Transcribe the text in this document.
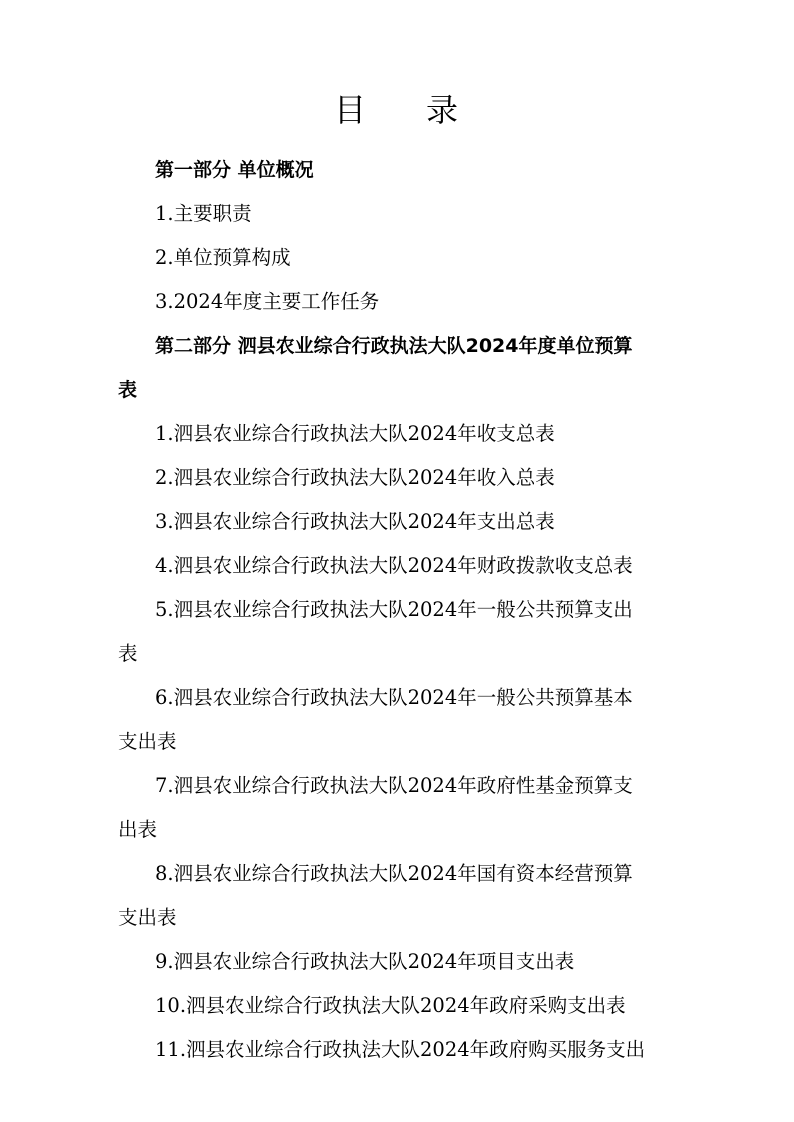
目 录
第一部分 单位概况
1.主要职责
2.单位预算构成
3.2024年度主要工作任务
第二部分 泗县农业综合行政执法大队2024年度单位预算
表
1.泗县农业综合行政执法大队2024年收支总表
2.泗县农业综合行政执法大队2024年收入总表
3.泗县农业综合行政执法大队2024年支出总表
4.泗县农业综合行政执法大队2024年财政拨款收支总表
5.泗县农业综合行政执法大队2024年一般公共预算支出
表
6.泗县农业综合行政执法大队2024年一般公共预算基本
支出表
7.泗县农业综合行政执法大队2024年政府性基金预算支
出表
8.泗县农业综合行政执法大队2024年国有资本经营预算
支出表
9.泗县农业综合行政执法大队2024年项目支出表
10.泗县农业综合行政执法大队2024年政府采购支出表
11.泗县农业综合行政执法大队2024年政府购买服务支出
